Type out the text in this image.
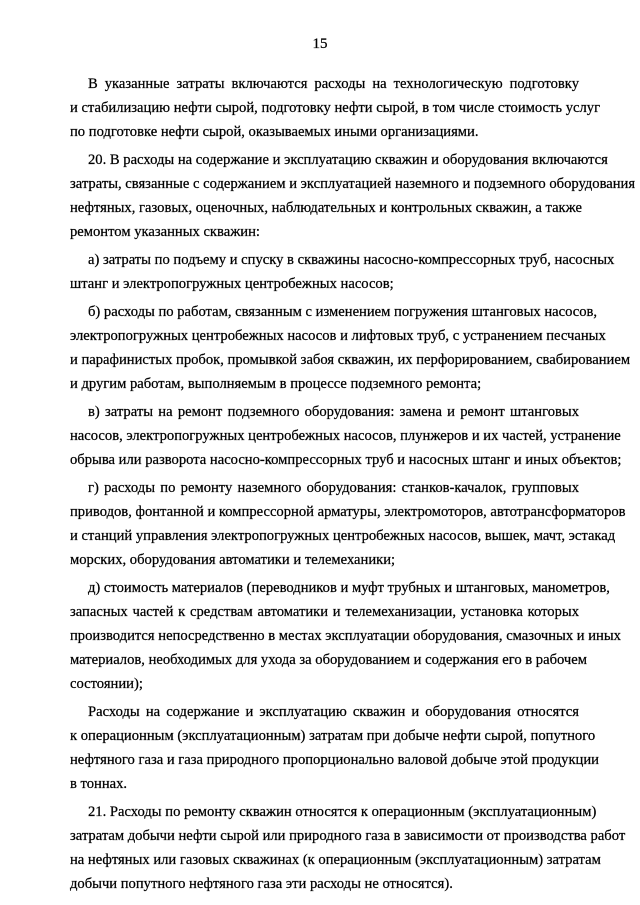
15
В указанные затраты включаются расходы на технологическую подготовку
и стабилизацию нефти сырой, подготовку нефти сырой, в том числе стоимость услуг
по подготовке нефти сырой, оказываемых иными организациями.
20. В расходы на содержание и эксплуатацию скважин и оборудования включаются
затраты, связанные с содержанием и эксплуатацией наземного и подземного оборудования
нефтяных, газовых, оценочных, наблюдательных и контрольных скважин, а также
ремонтом указанных скважин:
а) затраты по подъему и спуску в скважины насосно-компрессорных труб, насосных
штанг и электропогружных центробежных насосов;
б) расходы по работам, связанным с изменением погружения штанговых насосов,
электропогружных центробежных насосов и лифтовых труб, с устранением песчаных
и парафинистых пробок, промывкой забоя скважин, их перфорированием, свабированием
и другим работам, выполняемым в процессе подземного ремонта;
в) затраты на ремонт подземного оборудования: замена и ремонт штанговых
насосов, электропогружных центробежных насосов, плунжеров и их частей, устранение
обрыва или разворота насосно-компрессорных труб и насосных штанг и иных объектов;
г) расходы по ремонту наземного оборудования: станков-качалок, групповых
приводов, фонтанной и компрессорной арматуры, электромоторов, автотрансформаторов
и станций управления электропогружных центробежных насосов, вышек, мачт, эстакад
морских, оборудования автоматики и телемеханики;
д) стоимость материалов (переводников и муфт трубных и штанговых, манометров,
запасных частей к средствам автоматики и телемеханизации, установка которых
производится непосредственно в местах эксплуатации оборудования, смазочных и иных
материалов, необходимых для ухода за оборудованием и содержания его в рабочем
состоянии);
Расходы на содержание и эксплуатацию скважин и оборудования относятся
к операционным (эксплуатационным) затратам при добыче нефти сырой, попутного
нефтяного газа и газа природного пропорционально валовой добыче этой продукции
в тоннах.
21. Расходы по ремонту скважин относятся к операционным (эксплуатационным)
затратам добычи нефти сырой или природного газа в зависимости от производства работ
на нефтяных или газовых скважинах (к операционным (эксплуатационным) затратам
добычи попутного нефтяного газа эти расходы не относятся).
